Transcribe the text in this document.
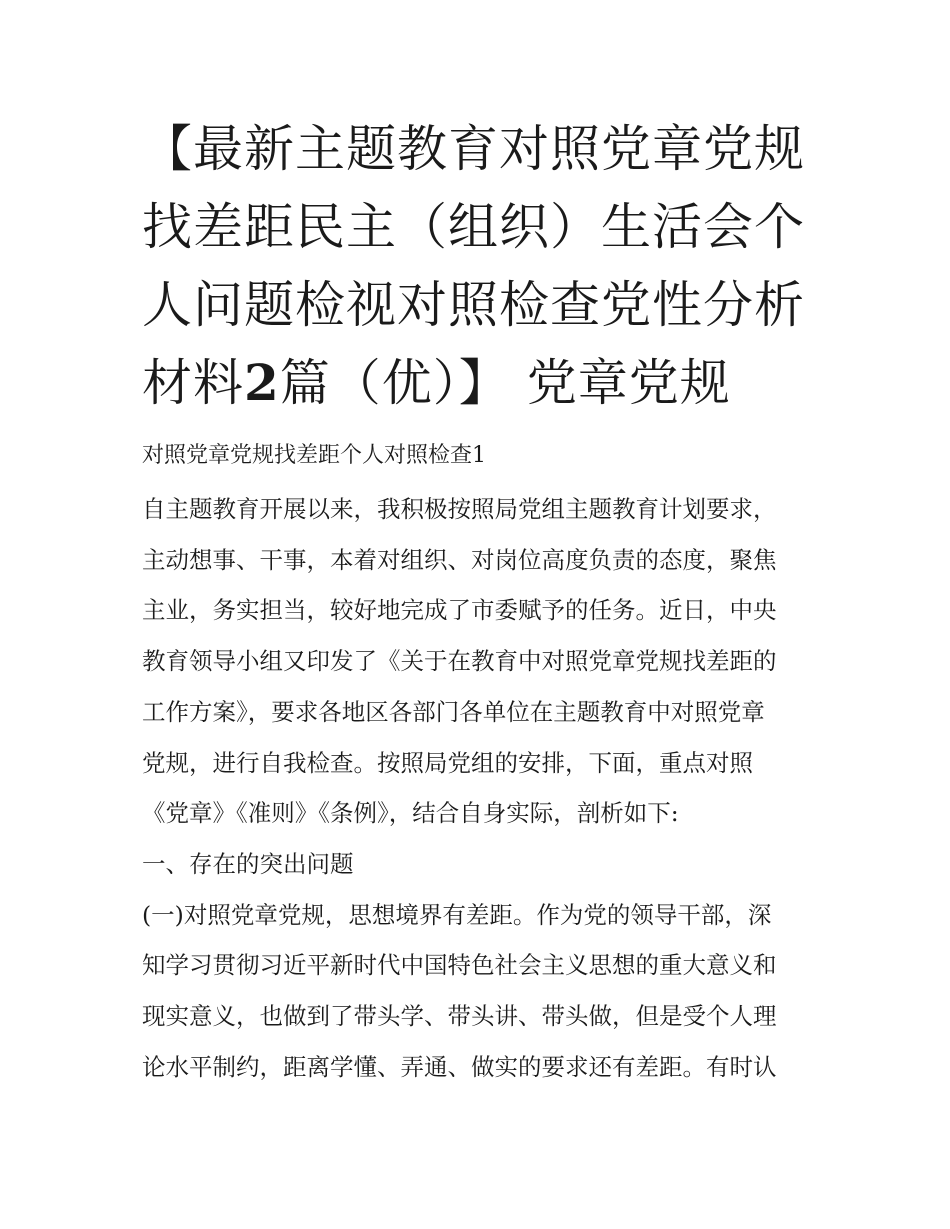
【最新主题教育对照党章党规
找差距民主（组织）生活会个
人问题检视对照检查党性分析
材料2篇（优）】 党章党规

对照党章党规找差距个人对照检查1

自主题教育开展以来，我积极按照局党组主题教育计划要求，
主动想事、干事，本着对组织、对岗位高度负责的态度，聚焦
主业，务实担当，较好地完成了市委赋予的任务。近日，中央
教育领导小组又印发了《关于在教育中对照党章党规找差距的
工作方案》，要求各地区各部门各单位在主题教育中对照党章
党规，进行自我检查。按照局党组的安排，下面，重点对照
《党章》《准则》《条例》，结合自身实际，剖析如下:
一、存在的突出问题
(一)对照党章党规，思想境界有差距。作为党的领导干部，深
知学习贯彻习近平新时代中国特色社会主义思想的重大意义和
现实意义，也做到了带头学、带头讲、带头做，但是受个人理
论水平制约，距离学懂、弄通、做实的要求还有差距。有时认
